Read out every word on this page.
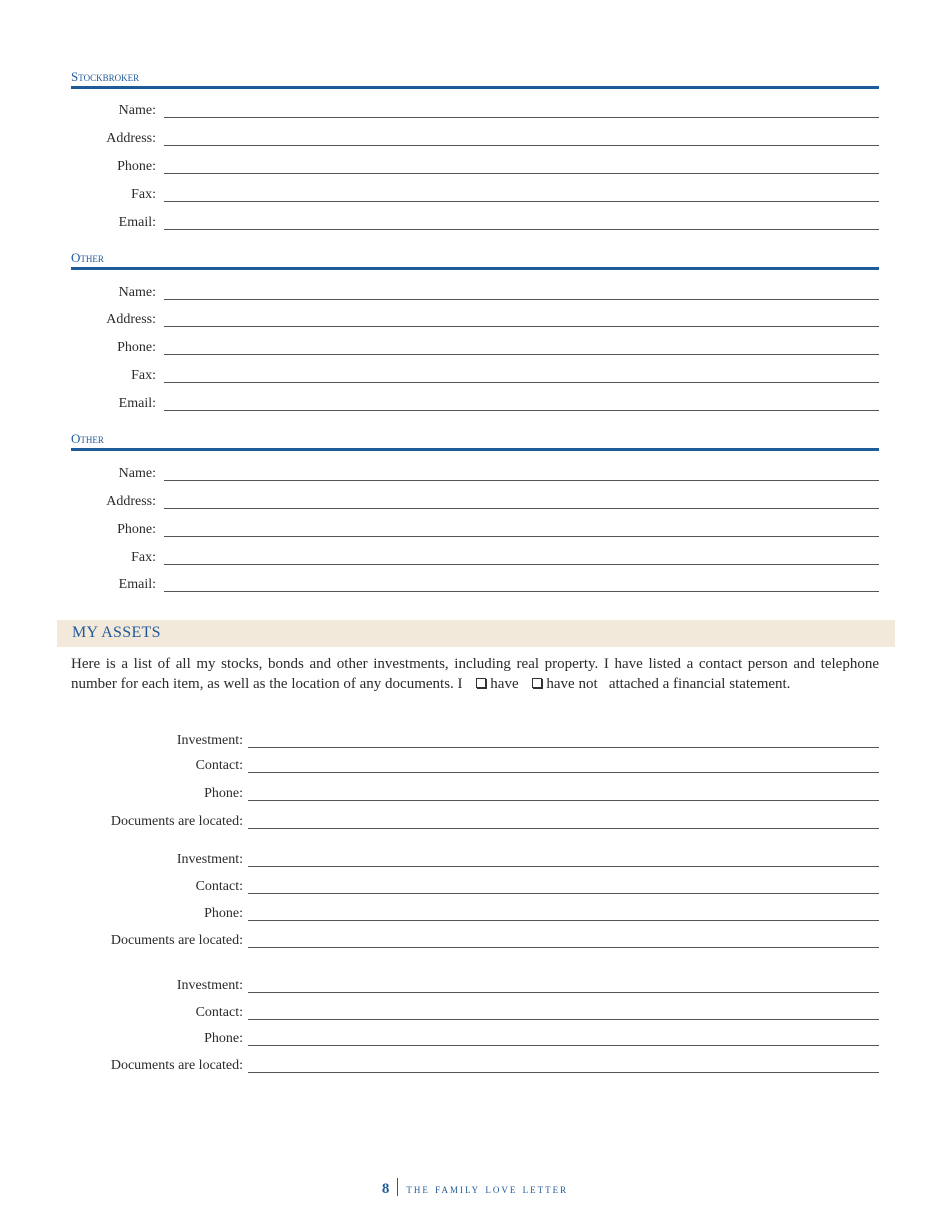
Stockbroker
Name:
Address:
Phone:
Fax:
Email:
Other
Name:
Address:
Phone:
Fax:
Email:
Other
Name:
Address:
Phone:
Fax:
Email:
MY ASSETS
Here is a list of all my stocks, bonds and other investments, including real property. I have listed a contact person and telephone number for each item, as well as the location of any documents. I have have not attached a financial statement.
Investment:
Contact:
Phone:
Documents are located:
Investment:
Contact:
Phone:
Documents are located:
Investment:
Contact:
Phone:
Documents are located:
8 the family love letter
